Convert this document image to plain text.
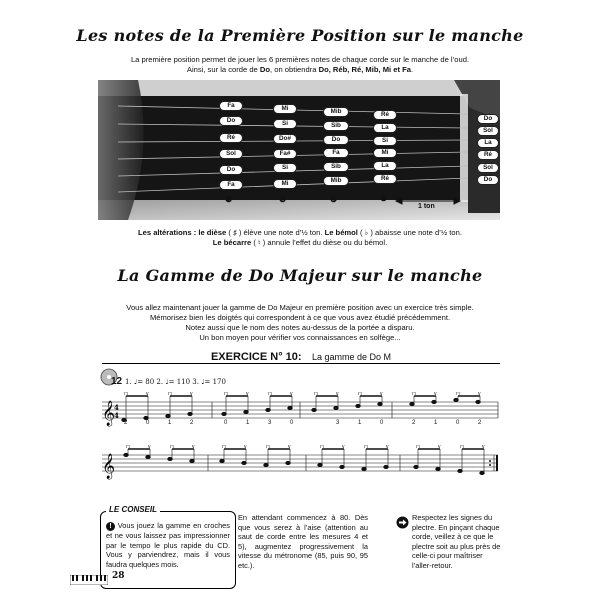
Les notes de la Première Position sur le manche
La première position permet de jouer les 6 premières notes de chaque corde sur le manche de l’oud.
Ainsi, sur la corde de Do, on obtiendra Do, Réb, Ré, Mib, Mi et Fa.
Fa
Do
Ré
Sol
Do
Fa
Mi
Si
Do#
Fa#
Si
Mi
Mib
Sib
Do
Fa
Sib
Mib
Ré
La
Si
Mi
La
Ré
Do
Sol
La
Ré
Sol
Do
❹	❸	❷	❶
1 ton
Les altérations : le dièse ( ♯ ) élève une note d’½ ton. Le bémol ( ♭ ) abaisse une note d’½ ton.
Le bécarre ( ♮ ) annule l’effet du dièse ou du bémol.
La Gamme de Do Majeur sur le manche
Vous allez maintenant jouer la gamme de Do Majeur en première position avec un exercice très simple.
Mémorisez bien les doigtés qui correspondent à ce que vous avez étudié précédemment.
Notez aussi que le nom des notes au-dessus de la portée a disparu.
Un bon moyen pour vérifier vos connaissances en solfège...
EXERCICE N° 10: La gamme de Do M
12 1. ♩= 80 2. ♩= 110 3. ♩= 170
𝄞
4
4
⊓	v	⊓	v	⊓	v	⊓	v	⊓	v	⊓	v	⊓	v	⊓	v
2	0	1	2	0	1	3	0	3	1	0	2	1	0	2
𝄞
⊓	v	⊓	v	⊓	v	⊓	v	⊓	v	⊓	v	⊓	v	⊓	v
LE CONSEIL
! Vous jouez la gamme en croches et ne vous laissez pas impressionner par le tempo le plus rapide du CD. Vous y parviendrez, mais il vous faudra quelques mois.
En attendant commencez à 80. Dès que vous serez à l’aise (attention au saut de corde entre les mesures 4 et 5), augmentez progressivement la vitesse du métronome (85, puis 90, 95 etc.).
Respectez les signes du plectre. En pinçant chaque corde, veillez à ce que le plectre soit au plus près de celle-ci pour maîtriser l’aller-retour.
28
